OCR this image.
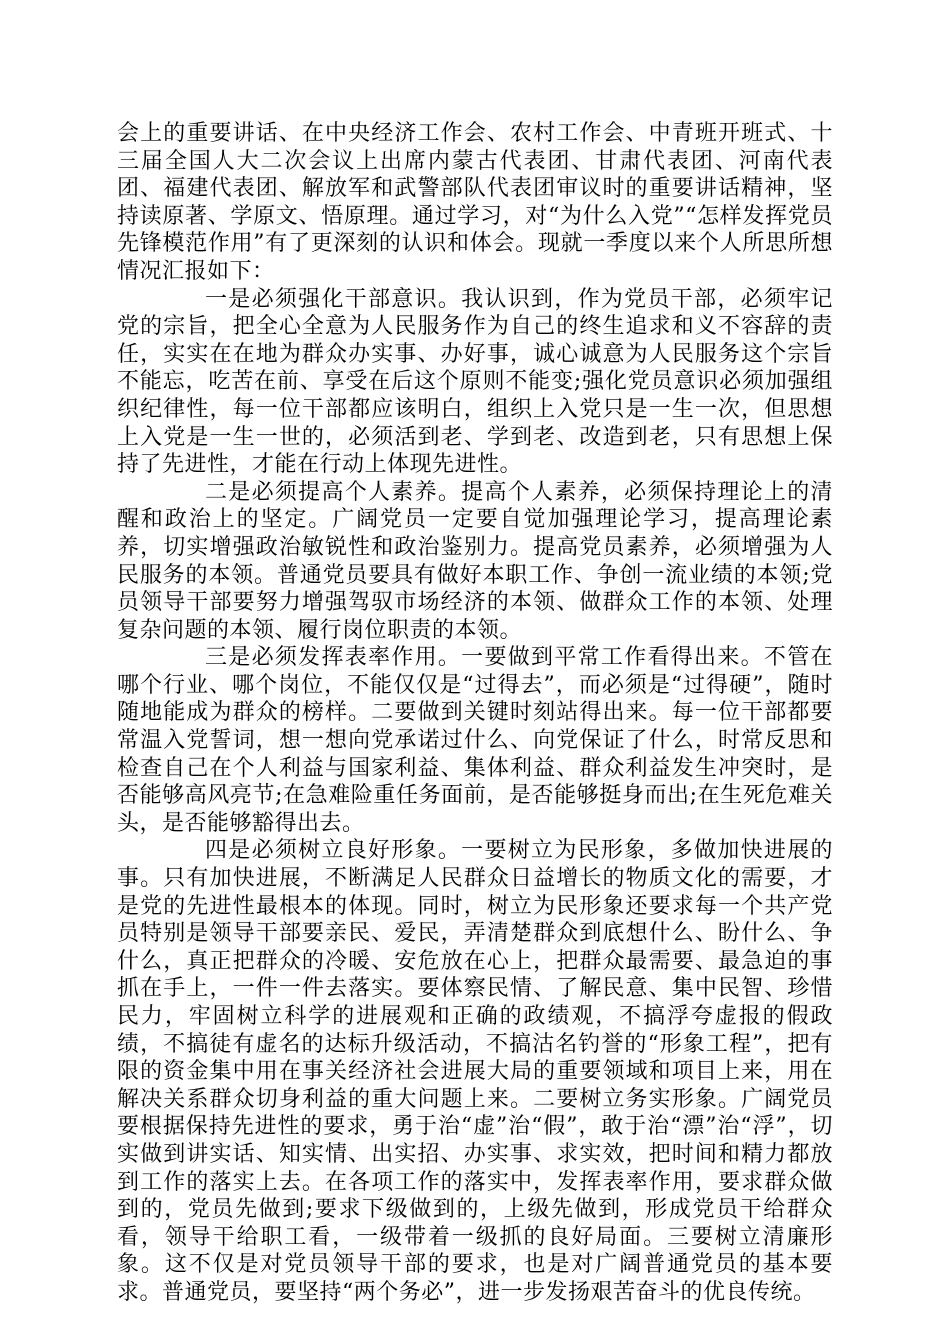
会上的重要讲话、在中央经济工作会、农村工作会、中青班开班式、十三届全国人大二次会议上出席内蒙古代表团、甘肃代表团、河南代表团、福建代表团、解放军和武警部队代表团审议时的重要讲话精神，坚持读原著、学原文、悟原理。通过学习，对“为什么入党”“怎样发挥党员先锋模范作用”有了更深刻的认识和体会。现就一季度以来个人所思所想情况汇报如下：

一是必须强化干部意识。我认识到，作为党员干部，必须牢记党的宗旨，把全心全意为人民服务作为自己的终生追求和义不容辞的责任，实实在在地为群众办实事、办好事，诚心诚意为人民服务这个宗旨不能忘，吃苦在前、享受在后这个原则不能变;强化党员意识必须加强组织纪律性，每一位干部都应该明白，组织上入党只是一生一次，但思想上入党是一生一世的，必须活到老、学到老、改造到老，只有思想上保持了先进性，才能在行动上体现先进性。

二是必须提高个人素养。提高个人素养，必须保持理论上的清醒和政治上的坚定。广阔党员一定要自觉加强理论学习，提高理论素养，切实增强政治敏锐性和政治鉴别力。提高党员素养，必须增强为人民服务的本领。普通党员要具有做好本职工作、争创一流业绩的本领;党员领导干部要努力增强驾驭市场经济的本领、做群众工作的本领、处理复杂问题的本领、履行岗位职责的本领。

三是必须发挥表率作用。一要做到平常工作看得出来。不管在哪个行业、哪个岗位，不能仅仅是“过得去”，而必须是“过得硬”，随时随地能成为群众的榜样。二要做到关键时刻站得出来。每一位干部都要常温入党誓词，想一想向党承诺过什么、向党保证了什么，时常反思和检查自己在个人利益与国家利益、集体利益、群众利益发生冲突时，是否能够高风亮节;在急难险重任务面前，是否能够挺身而出;在生死危难关头，是否能够豁得出去。

四是必须树立良好形象。一要树立为民形象，多做加快进展的事。只有加快进展，不断满足人民群众日益增长的物质文化的需要，才是党的先进性最根本的体现。同时，树立为民形象还要求每一个共产党员特别是领导干部要亲民、爱民，弄清楚群众到底想什么、盼什么、争什么，真正把群众的冷暖、安危放在心上，把群众最需要、最急迫的事抓在手上，一件一件去落实。要体察民情、了解民意、集中民智、珍惜民力，牢固树立科学的进展观和正确的政绩观，不搞浮夸虚报的假政绩，不搞徒有虚名的达标升级活动，不搞沽名钓誉的“形象工程”，把有限的资金集中用在事关经济社会进展大局的重要领域和项目上来，用在解决关系群众切身利益的重大问题上来。二要树立务实形象。广阔党员要根据保持先进性的要求，勇于治“虚”治“假”，敢于治“漂”治“浮”，切实做到讲实话、知实情、出实招、办实事、求实效，把时间和精力都放到工作的落实上去。在各项工作的落实中，发挥表率作用，要求群众做到的，党员先做到;要求下级做到的，上级先做到，形成党员干给群众看，领导干给职工看，一级带着一级抓的良好局面。三要树立清廉形象。这不仅是对党员领导干部的要求，也是对广阔普通党员的基本要求。普通党员，要坚持“两个务必”，进一步发扬艰苦奋斗的优良传统。
